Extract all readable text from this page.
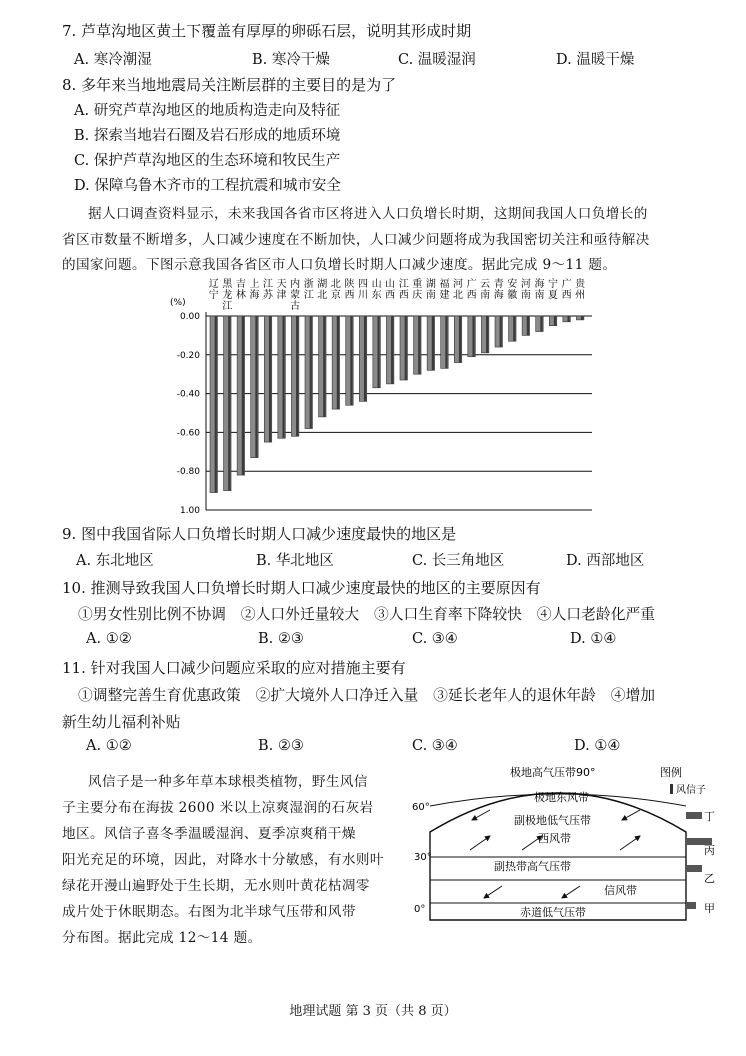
7. 芦草沟地区黄土下覆盖有厚厚的卵砾石层，说明其形成时期
A. 寒冷潮湿	B. 寒冷干燥	C. 温暖湿润	D. 温暖干燥
8. 多年来当地地震局关注断层群的主要目的是为了
A. 研究芦草沟地区的地质构造走向及特征
B. 探索当地岩石圈及岩石形成的地质环境
C. 保护芦草沟地区的生态环境和牧民生产
D. 保障乌鲁木齐市的工程抗震和城市安全
据人口调查资料显示，未来我国各省市区将进入人口负增长时期，这期间我国人口负增长的
省区市数量不断增多，人口减少速度在不断加快，人口减少问题将成为我国密切关注和亟待解决
的国家问题。下图示意我国各省区市人口负增长时期人口减少速度。据此完成 9～11 题。
(%)
0.00
-0.20
-0.40
-0.60
-0.80
1.00
辽
宁
黑
龙
江
吉
林
上
海
江
苏
天
津
内
蒙
古
浙
江
湖
北
北
京
陕
西
四
川
山
东
山
西
江
西
重
庆
湖
南
福
建
河
北
广
西
云
南
青
海
安
徽
河
南
海
南
宁
夏
广
西
贵
州
9. 图中我国省际人口负增长时期人口减少速度最快的地区是
A. 东北地区	B. 华北地区	C. 长三角地区	D. 西部地区
10. 推测导致我国人口负增长时期人口减少速度最快的地区的主要原因有
①男女性别比例不协调　②人口外迁量较大　③人口生育率下降较快　④人口老龄化严重
A. ①②	B. ②③	C. ③④	D. ①④
11. 针对我国人口减少问题应采取的应对措施主要有
①调整完善生育优惠政策　②扩大境外人口净迁入量　③延长老年人的退休年龄　④增加
新生幼儿福利补贴
A. ①②	B. ②③	C. ③④	D. ①④
风信子是一种多年草本球根类植物，野生风信
子主要分布在海拔 2600 米以上凉爽湿润的石灰岩
地区。风信子喜冬季温暖湿润、夏季凉爽稍干燥
阳光充足的环境，因此，对降水十分敏感，有水则叶
绿花开漫山遍野处于生长期，无水则叶黄花枯凋零
成片处于休眠期态。右图为北半球气压带和风带
分布图。据此完成 12～14 题。
极地高气压带90°
60°
30°
0°
极地东风带
副极地低气压带
西风带
副热带高气压带
信风带
赤道低气压带
图例
风信子
丁
丙
乙
甲
地理试题 第 3 页（共 8 页）
